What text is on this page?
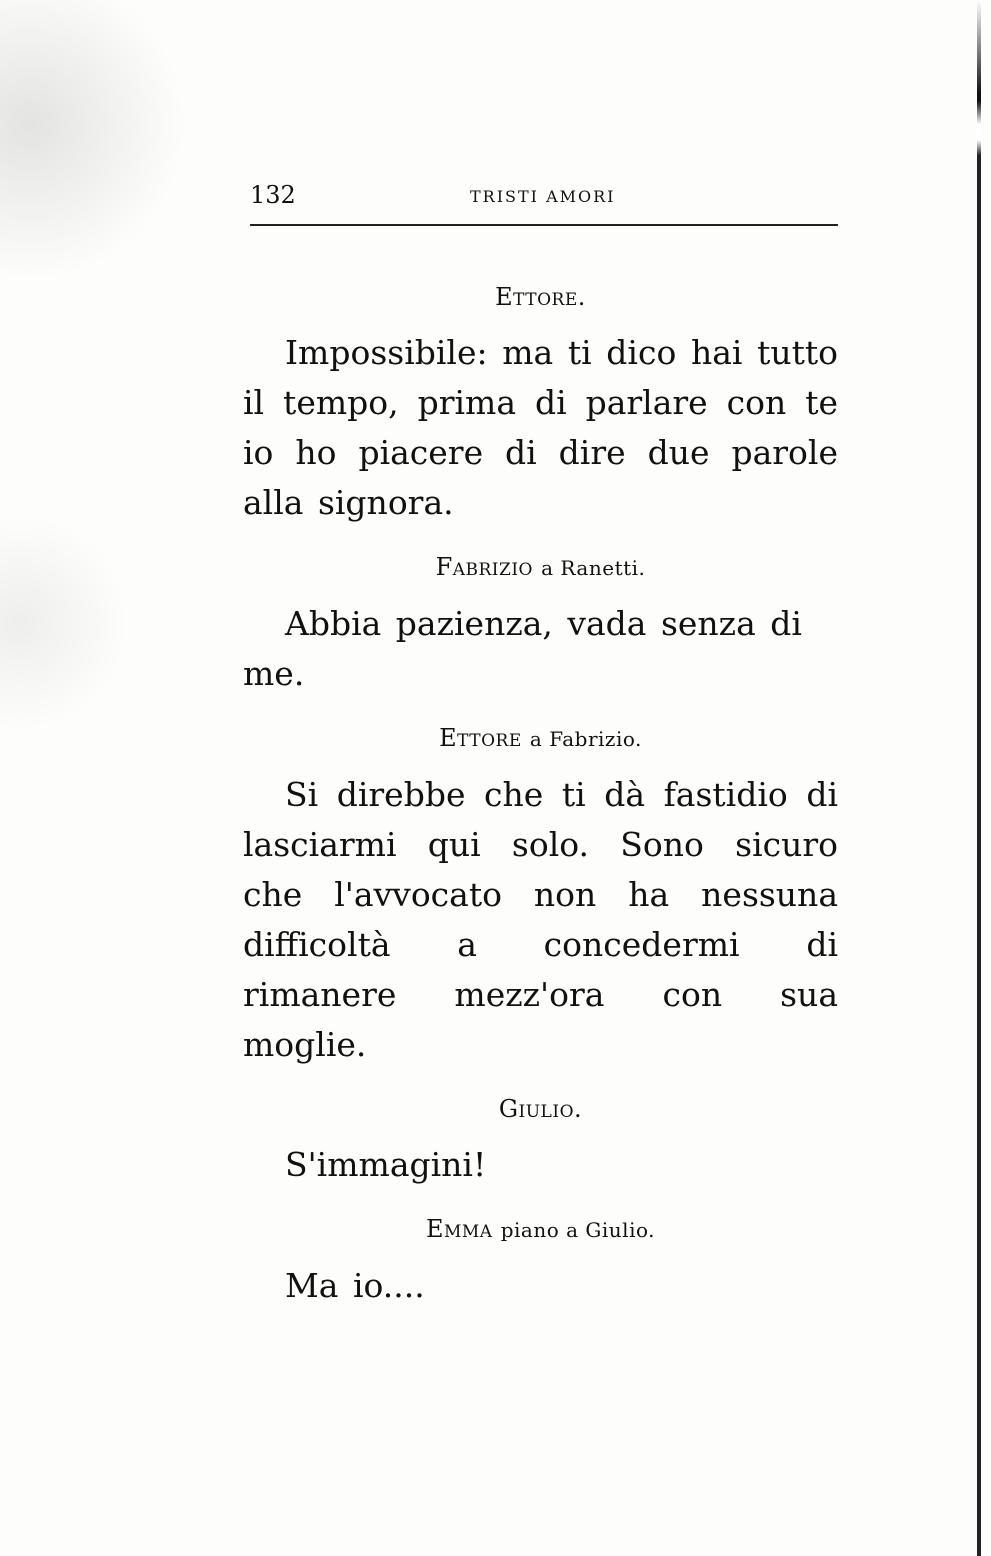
132	TRISTI AMORI

Ettore.

Impossibile: ma ti dico hai tutto il tempo, prima di parlare con te io ho piacere di dire due parole alla signora.

Fabrizio a Ranetti.

Abbia pazienza, vada senza di me.

Ettore a Fabrizio.

Si direbbe che ti dà fastidio di lasciarmi qui solo. Sono sicuro che l'avvocato non ha nessuna difficoltà a concedermi di rimanere mezz'ora con sua moglie.

Giulio.

S'immagini!

Emma piano a Giulio.

Ma io....
